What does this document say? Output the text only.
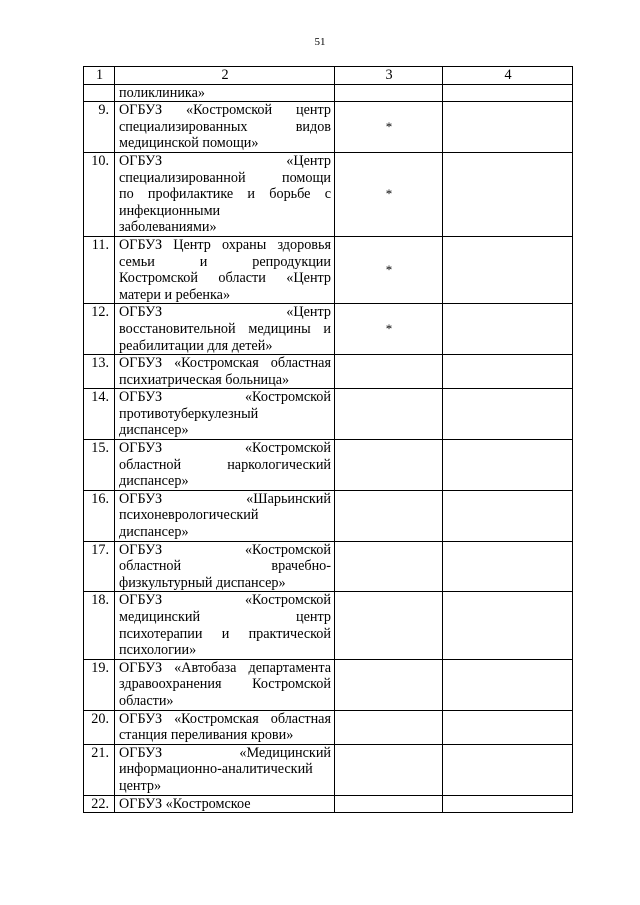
51
1	2	3	4

	поликлиника»		

9.	ОГБУЗ «Костромской центр
специализированных видов
медицинской помощи»	*	
10.	ОГБУЗ «Центр
специализированной помощи
по профилактике и борьбе с
инфекционными
заболеваниями»	*	
11.	ОГБУЗ Центр охраны здоровья
семьи и репродукции
Костромской области «Центр
матери и ребенка»	*	
12.	ОГБУЗ «Центр
восстановительной медицины и
реабилитации для детей»	*	
13.	ОГБУЗ «Костромская областная
психиатрическая больница»		

14.	ОГБУЗ «Костромской
противотуберкулезный
диспансер»		

15.	ОГБУЗ «Костромской
областной наркологический
диспансер»		

16.	ОГБУЗ «Шарьинский
психоневрологический
диспансер»		

17.	ОГБУЗ «Костромской
областной врачебно-
физкультурный диспансер»		

18.	ОГБУЗ «Костромской
медицинский центр
психотерапии и практической
психологии»		

19.	ОГБУЗ «Автобаза департамента
здравоохранения Костромской
области»		

20.	ОГБУЗ «Костромская областная
станция переливания крови»		

21.	ОГБУЗ «Медицинский
информационно-аналитический
центр»		

22.	ОГБУЗ «Костромское		
